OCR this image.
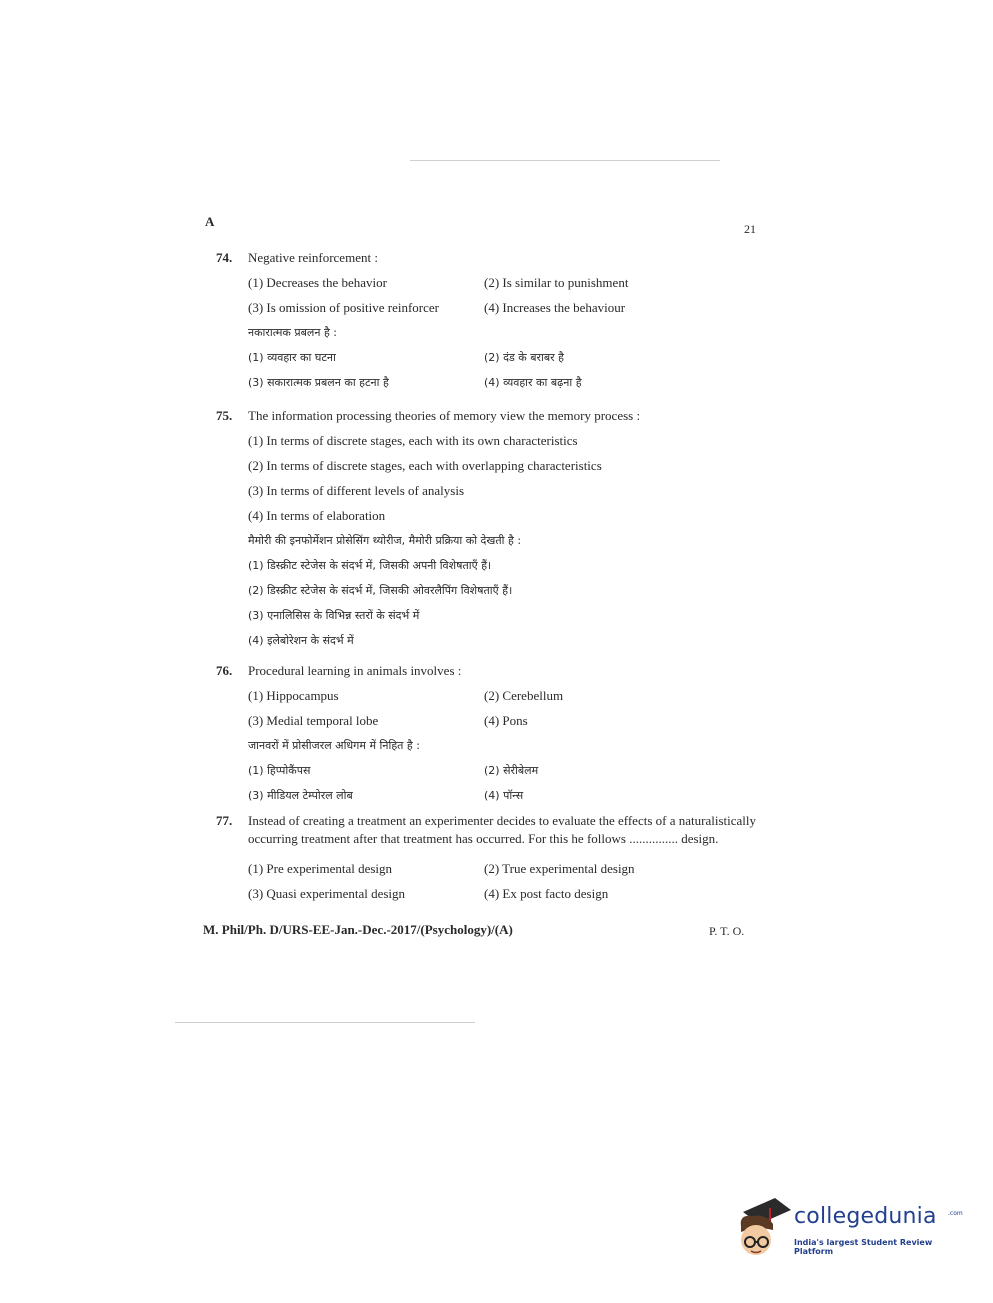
A	21
74. Negative reinforcement :
(1) Decreases the behavior	(2) Is similar to punishment
(3) Is omission of positive reinforcer	(4) Increases the behaviour
नकारात्मक प्रबलन है :
(1) व्यवहार का घटना	(2) दंड के बराबर है
(3) सकारात्मक प्रबलन का हटना है	(4) व्यवहार का बढ़ना है
75. The information processing theories of memory view the memory process :
(1) In terms of discrete stages, each with its own characteristics
(2) In terms of discrete stages, each with overlapping characteristics
(3) In terms of different levels of analysis
(4) In terms of elaboration
मैमोरी की इनफोर्मेशन प्रोसेसिंग थ्योरीज, मैमोरी प्रक्रिया को देखती है :
(1) डिस्क्रीट स्टेजेस के संदर्भ में, जिसकी अपनी विशेषताएँ हैं।
(2) डिस्क्रीट स्टेजेस के संदर्भ में, जिसकी ओवरलैपिंग विशेषताएँ हैं।
(3) एनालिसिस के विभिन्न स्तरों के संदर्भ में
(4) इलेबोरेशन के संदर्भ में
76. Procedural learning in animals involves :
(1) Hippocampus	(2) Cerebellum
(3) Medial temporal lobe	(4) Pons
जानवरों में प्रोसीजरल अधिगम में निहित है :
(1) हिप्पोकैंपस	(2) सेरीबेलम
(3) मीडियल टेम्पोरल लोब	(4) पॉन्स
77. Instead of creating a treatment an experimenter decides to evaluate the effects of a naturalistically occurring treatment after that treatment has occurred. For this he follows ............... design.
(1) Pre experimental design	(2) True experimental design
(3) Quasi experimental design	(4) Ex post facto design
M. Phil/Ph. D/URS-EE-Jan.-Dec.-2017/(Psychology)/(A)	P. T. O.
collegedunia .com
India's largest Student Review Platform
